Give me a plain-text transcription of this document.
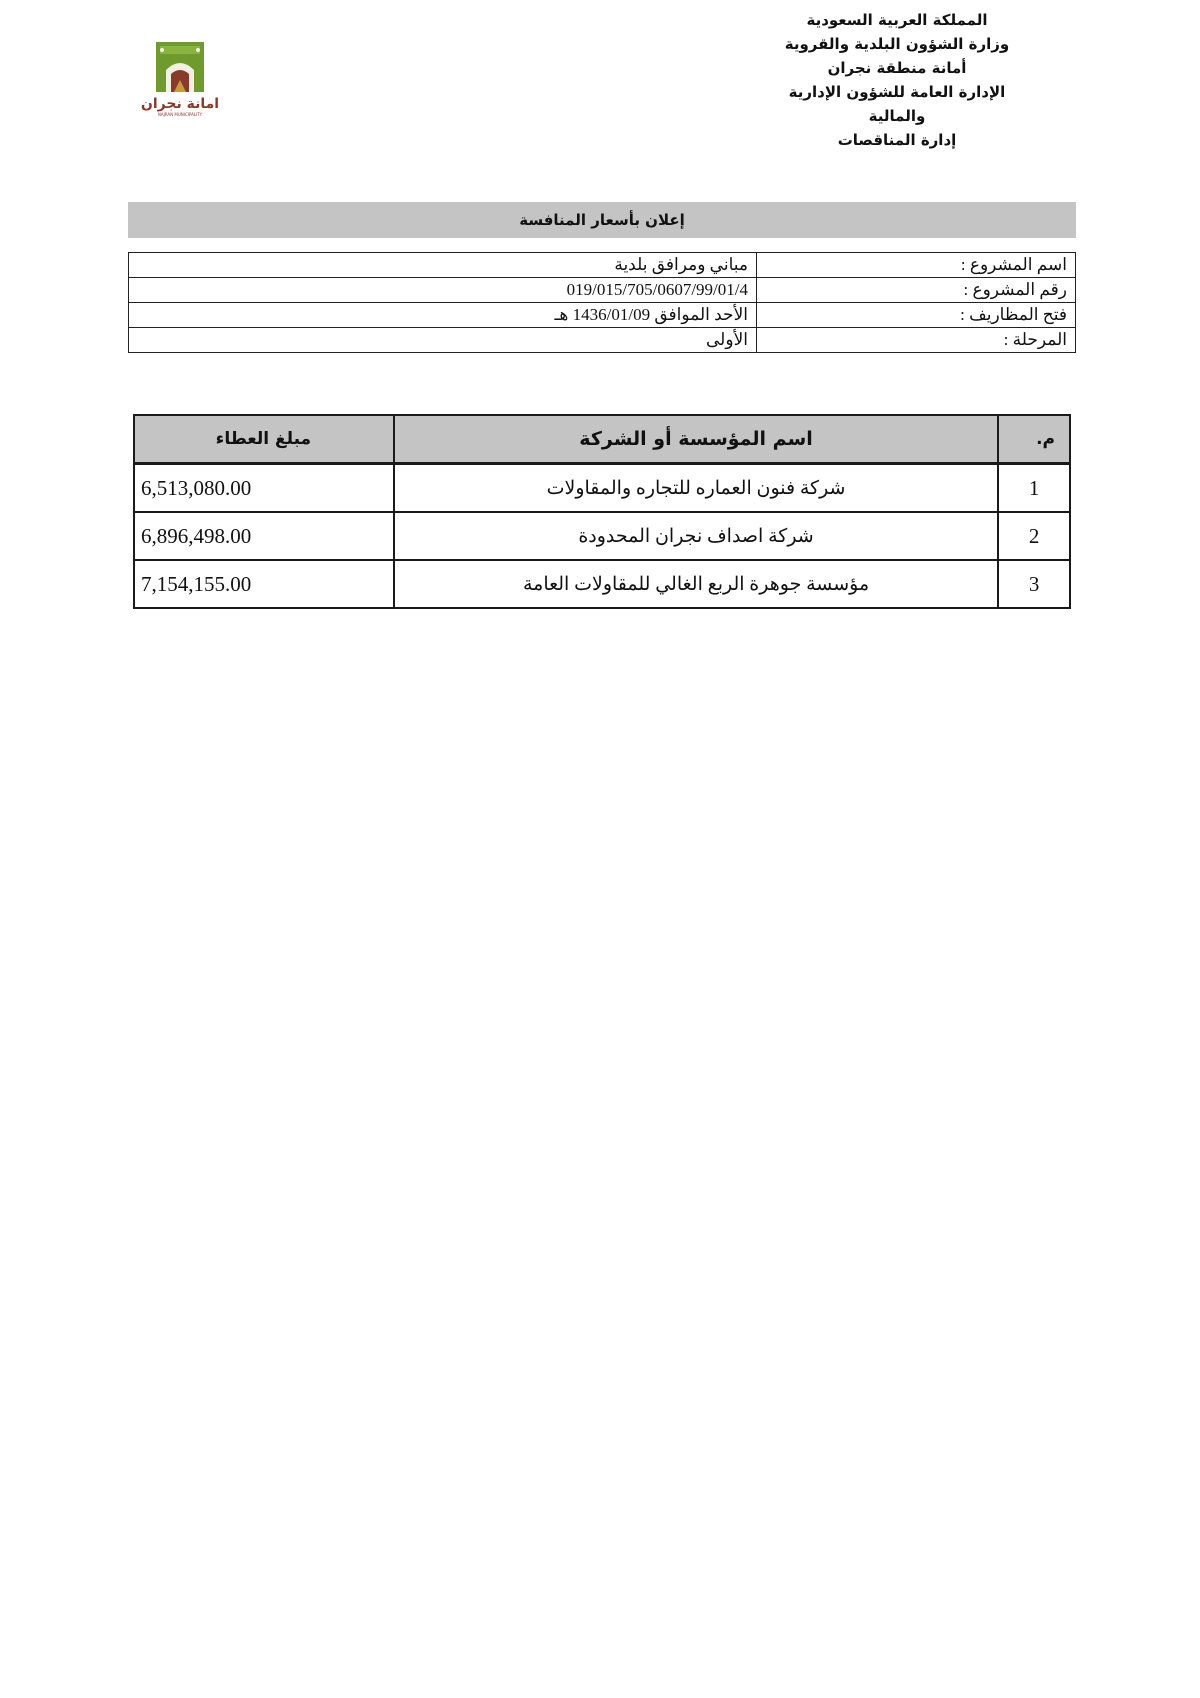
المملكة العربية السعودية
وزارة الشؤون البلدية والقروية
أمانة منطقة نجران
الإدارة العامة للشؤون الإدارية
والمالية
إدارة المناقصات
امانة نجران
NAJRAN MUNICIPALITY
إعلان بأسعار المنافسة
اسم المشروع :	مباني ومرافق بلدية
رقم المشروع :	019/015/705/0607/99/01/4
فتح المظاريف :	الأحد الموافق 1436/01/09 هـ
المرحلة :	الأولى
م.	اسم المؤسسة أو الشركة	مبلغ العطاء
1	شركة فنون العماره للتجاره والمقاولات	6,513,080.00
2	شركة اصداف نجران المحدودة	6,896,498.00
3	مؤسسة جوهرة الربع الغالي للمقاولات العامة	7,154,155.00
